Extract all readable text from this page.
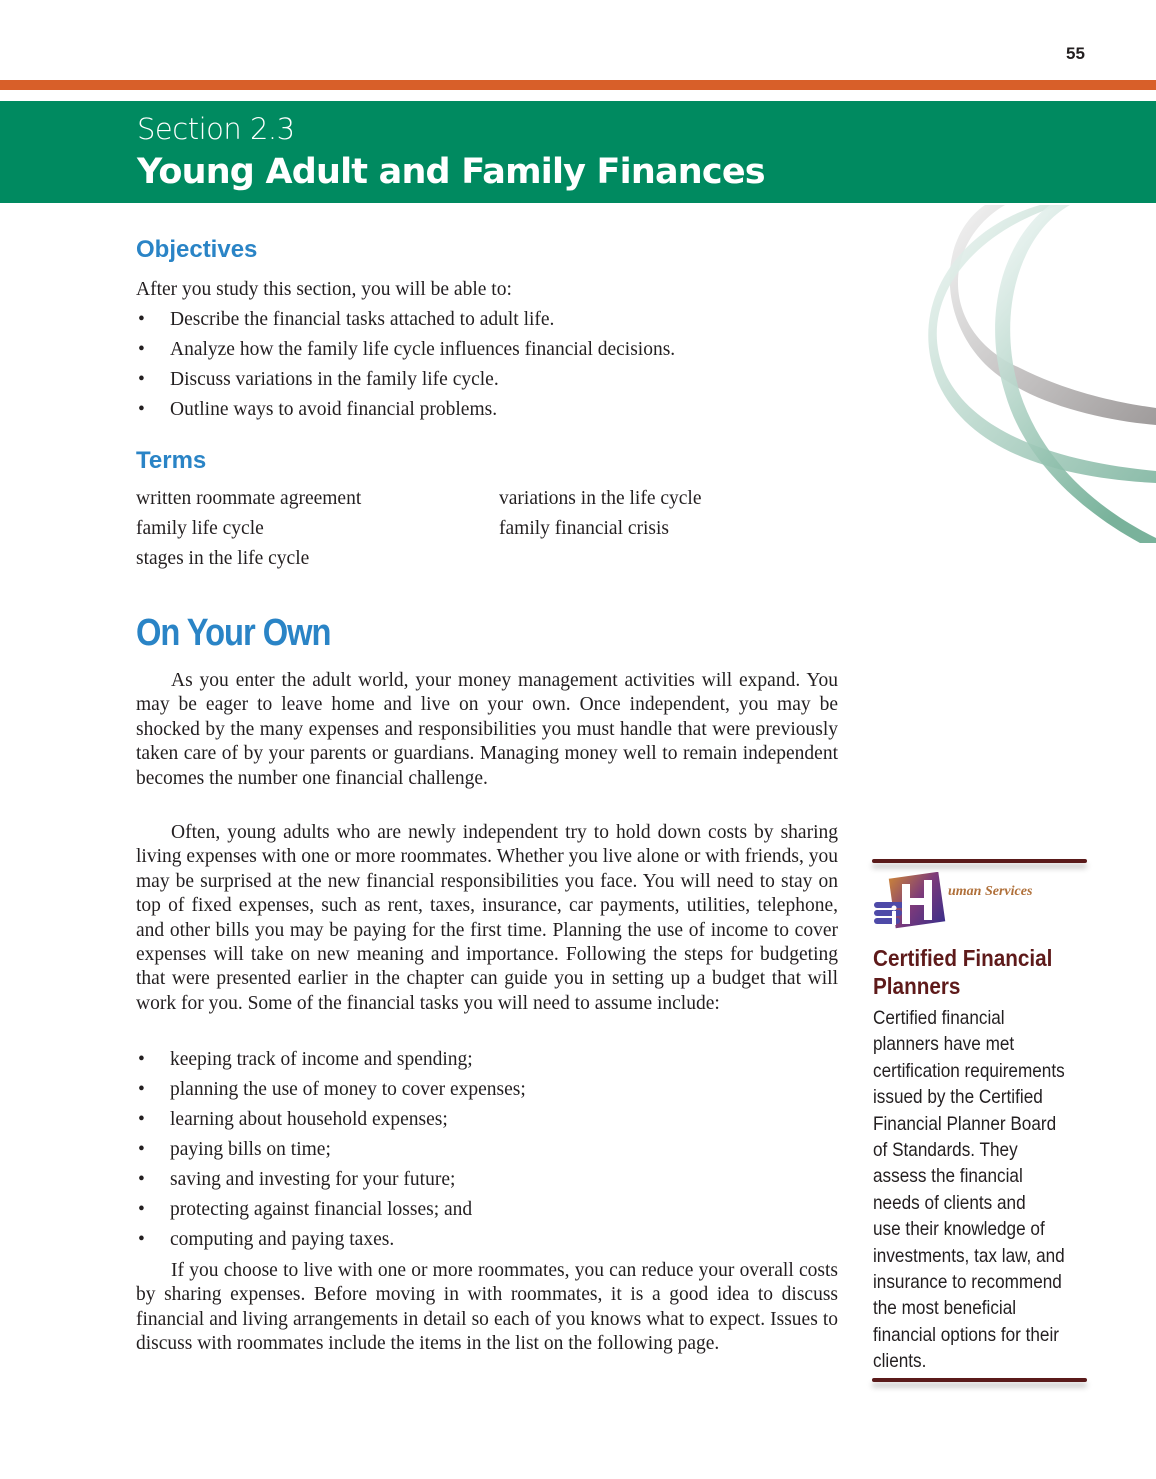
55
Section 2.3
Young Adult and Family Finances
Objectives
After you study this section, you will be able to:
• Describe the financial tasks attached to adult life.
• Analyze how the family life cycle influences financial decisions.
• Discuss variations in the family life cycle.
• Outline ways to avoid financial problems.
Terms
written roommate agreement
family life cycle
stages in the life cycle
variations in the life cycle
family financial crisis
On Your Own

As you enter the adult world, your money management activities will expand. You may be eager to leave home and live on your own. Once independent, you may be shocked by the many expenses and responsibilities you must handle that were previously taken care of by your parents or guardians. Managing money well to remain independent becomes the number one financial challenge.

Often, young adults who are newly independent try to hold down costs by sharing living expenses with one or more roommates. Whether you live alone or with friends, you may be surprised at the new financial responsibilities you face. You will need to stay on top of fixed expenses, such as rent, taxes, insurance, car payments, utilities, telephone, and other bills you may be paying for the first time. Planning the use of income to cover expenses will take on new meaning and importance. Following the steps for budgeting that were presented earlier in the chapter can guide you in setting up a budget that will work for you. Some of the financial tasks you will need to assume include:

• keeping track of income and spending;
• planning the use of money to cover expenses;
• learning about household expenses;
• paying bills on time;
• saving and investing for your future;
• protecting against financial losses; and
• computing and paying taxes.

If you choose to live with one or more roommates, you can reduce your overall costs by sharing expenses. Before moving in with roommates, it is a good idea to discuss financial and living arrangements in detail so each of you knows what to expect. Issues to discuss with roommates include the items in the list on the following page.

uman Services
Certified Financial Planners
Certified financial
planners have met
certification requirements
issued by the Certified
Financial Planner Board
of Standards. They
assess the financial
needs of clients and
use their knowledge of
investments, tax law, and
insurance to recommend
the most beneficial
financial options for their
clients.
